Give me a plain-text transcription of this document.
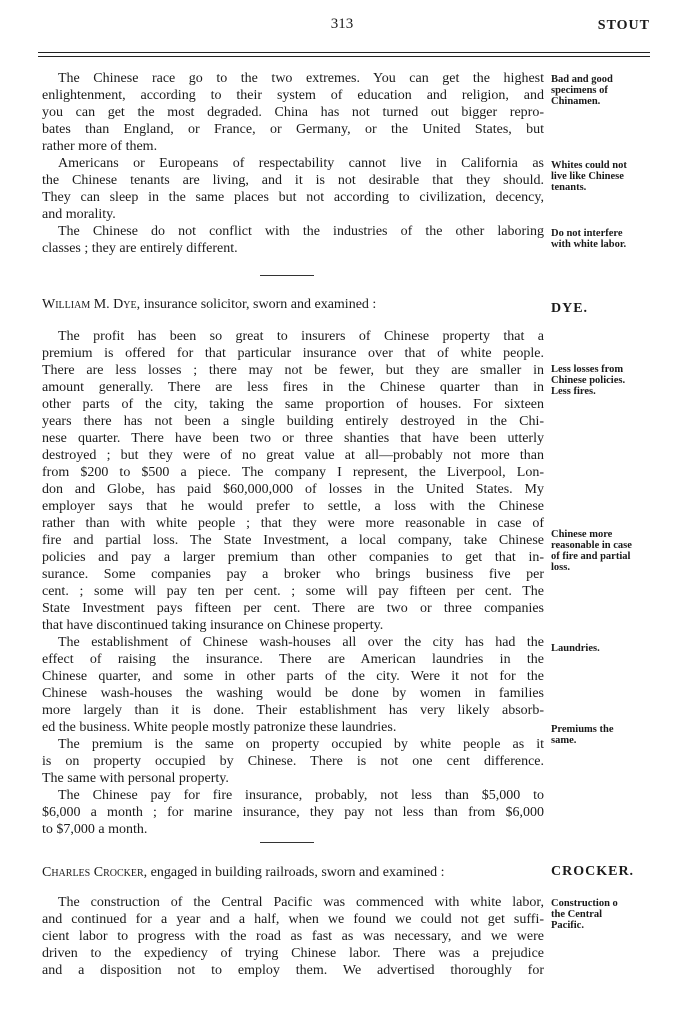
313	STOUT
The Chinese race go to the two extremes. You can get the highest
enlightenment, according to their system of education and religion, and
you can get the most degraded. China has not turned out bigger repro-
bates than England, or France, or Germany, or the United States, but
rather more of them.
Americans or Europeans of respectability cannot live in California as
the Chinese tenants are living, and it is not desirable that they should.
They can sleep in the same places but not according to civilization, decency,
and morality.
The Chinese do not conflict with the industries of the other laboring
classes ; they are entirely different.
Bad and good
specimens of
Chinamen.
Whites could not
live like Chinese
tenants.
Do not interfere
with white labor.
William M. Dye, insurance solicitor, sworn and examined :	DYE.
The profit has been so great to insurers of Chinese property that a
premium is offered for that particular insurance over that of white people.
There are less losses ; there may not be fewer, but they are smaller in
amount generally. There are less fires in the Chinese quarter than in
other parts of the city, taking the same proportion of houses. For sixteen
years there has not been a single building entirely destroyed in the Chi-
nese quarter. There have been two or three shanties that have been utterly
destroyed ; but they were of no great value at all—probably not more than
from $200 to $500 a piece. The company I represent, the Liverpool, Lon-
don and Globe, has paid $60,000,000 of losses in the United States. My
employer says that he would prefer to settle, a loss with the Chinese
rather than with white people ; that they were more reasonable in case of
fire and partial loss. The State Investment, a local company, take Chinese
policies and pay a larger premium than other companies to get that in-
surance. Some companies pay a broker who brings business five per
cent. ; some will pay ten per cent. ; some will pay fifteen per cent. The
State Investment pays fifteen per cent. There are two or three companies
that have discontinued taking insurance on Chinese property.
The establishment of Chinese wash-houses all over the city has had the
effect of raising the insurance. There are American laundries in the
Chinese quarter, and some in other parts of the city. Were it not for the
Chinese wash-houses the washing would be done by women in families
more largely than it is done. Their establishment has very likely absorb-
ed the business. White people mostly patronize these laundries.
The premium is the same on property occupied by white people as it
is on property occupied by Chinese. There is not one cent difference.
The same with personal property.
The Chinese pay for fire insurance, probably, not less than $5,000 to
$6,000 a month ; for marine insurance, they pay not less than from $6,000
to $7,000 a month.
Less losses from
Chinese policies.
Less fires.
Chinese more
reasonable in case
of fire and partial
loss.
Laundries.
Premiums the
same.
Charles Crocker, engaged in building railroads, sworn and examined :	CROCKER.
The construction of the Central Pacific was commenced with white labor,
and continued for a year and a half, when we found we could not get suffi-
cient labor to progress with the road as fast as was necessary, and we were
driven to the expediency of trying Chinese labor. There was a prejudice
and a disposition not to employ them. We advertised thoroughly for
Construction o
the Central
Pacific.
